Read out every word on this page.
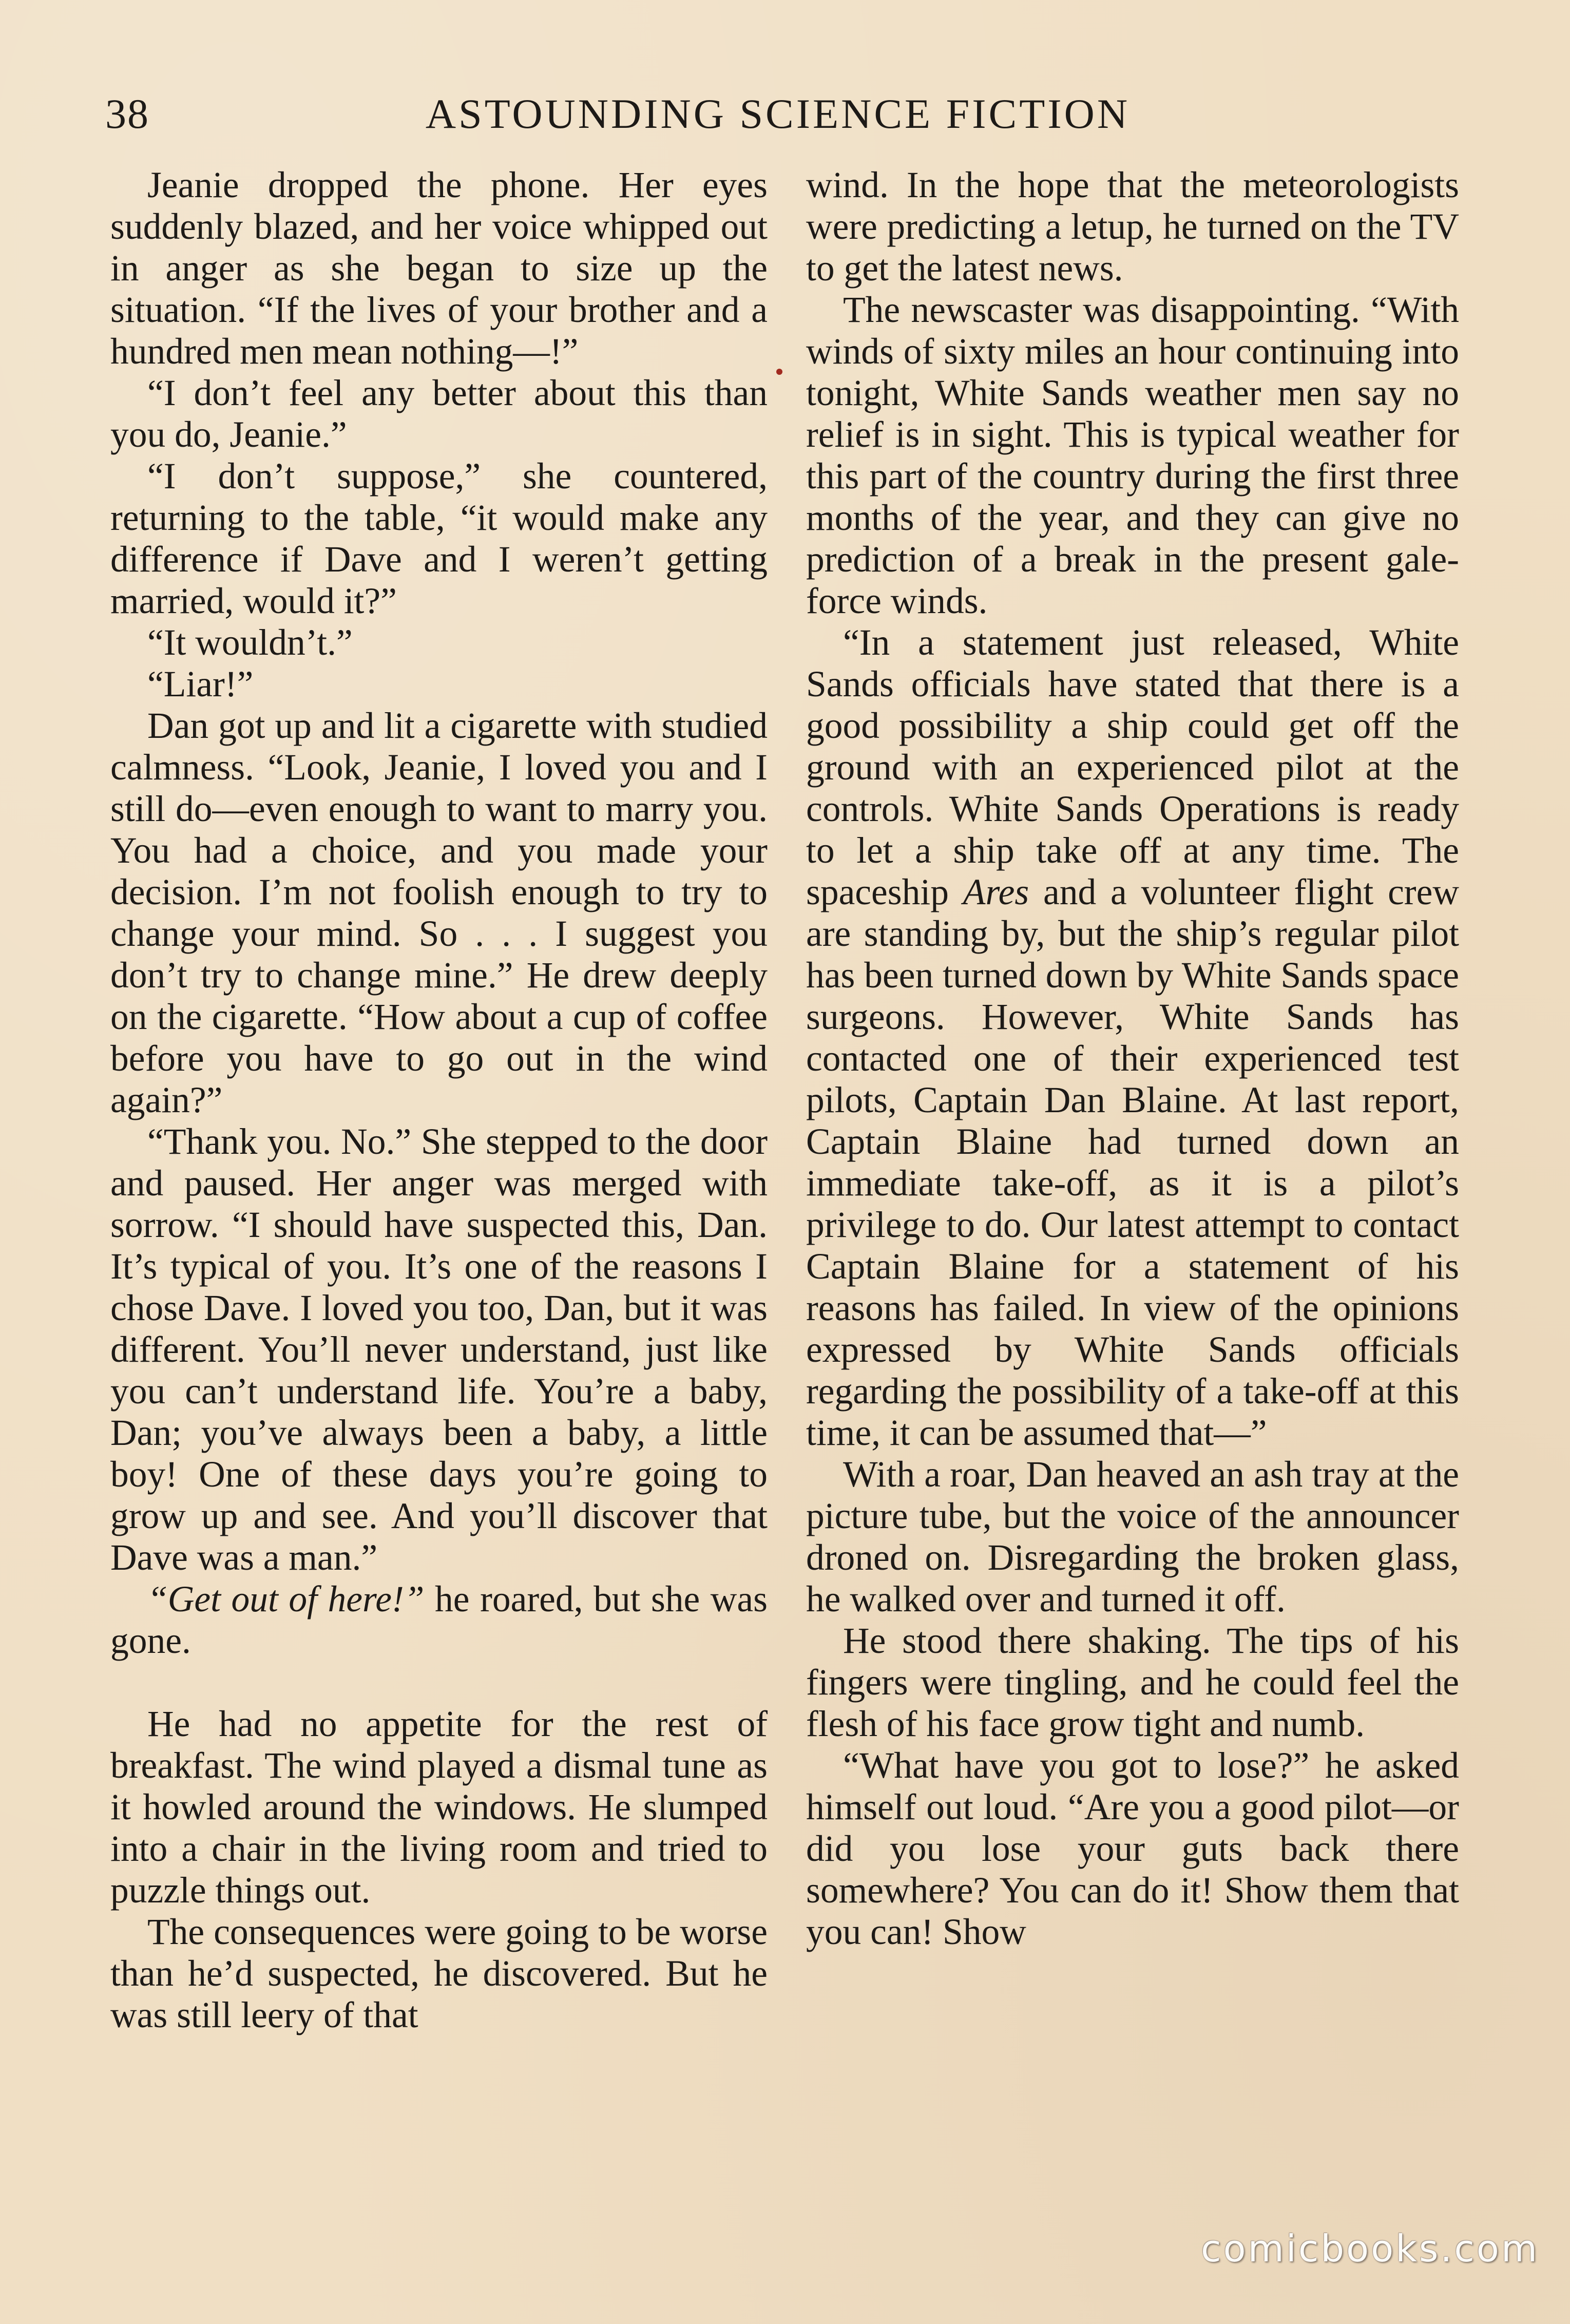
38	ASTOUNDING SCIENCE FICTION

Jeanie dropped the phone. Her eyes suddenly blazed, and her voice whipped out in anger as she began to size up the situation. “If the lives of your brother and a hundred men mean nothing—!”

“I don’t feel any better about this than you do, Jeanie.”

“I don’t suppose,” she countered, returning to the table, “it would make any difference if Dave and I weren’t getting married, would it?”

“It wouldn’t.”

“Liar!”

Dan got up and lit a cigarette with studied calmness. “Look, Jeanie, I loved you and I still do—even enough to want to marry you. You had a choice, and you made your decision. I’m not foolish enough to try to change your mind. So . . . I suggest you don’t try to change mine.” He drew deeply on the cigarette. “How about a cup of coffee before you have to go out in the wind again?”

“Thank you. No.” She stepped to the door and paused. Her anger was merged with sorrow. “I should have suspected this, Dan. It’s typical of you. It’s one of the reasons I chose Dave. I loved you too, Dan, but it was different. You’ll never understand, just like you can’t understand life. You’re a baby, Dan; you’ve always been a baby, a little boy! One of these days you’re going to grow up and see. And you’ll discover that Dave was a man.”

“Get out of here!” he roared, but she was gone.

He had no appetite for the rest of breakfast. The wind played a dismal tune as it howled around the windows. He slumped into a chair in the living room and tried to puzzle things out.

The consequences were going to be worse than he’d suspected, he discovered. But he was still leery of that

wind. In the hope that the meteorologists were predicting a letup, he turned on the TV to get the latest news.

The newscaster was disappointing. “With winds of sixty miles an hour continuing into tonight, White Sands weather men say no relief is in sight. This is typical weather for this part of the country during the first three months of the year, and they can give no prediction of a break in the present gale-force winds.

“In a statement just released, White Sands officials have stated that there is a good possibility a ship could get off the ground with an experienced pilot at the controls. White Sands Operations is ready to let a ship take off at any time. The spaceship Ares and a volunteer flight crew are standing by, but the ship’s regular pilot has been turned down by White Sands space surgeons. However, White Sands has contacted one of their experienced test pilots, Captain Dan Blaine. At last report, Captain Blaine had turned down an immediate take-off, as it is a pilot’s privilege to do. Our latest attempt to contact Captain Blaine for a statement of his reasons has failed. In view of the opinions expressed by White Sands officials regarding the possibility of a take-off at this time, it can be assumed that—”

With a roar, Dan heaved an ash tray at the picture tube, but the voice of the announcer droned on. Disregarding the broken glass, he walked over and turned it off.

He stood there shaking. The tips of his fingers were tingling, and he could feel the flesh of his face grow tight and numb.

“What have you got to lose?” he asked himself out loud. “Are you a good pilot—or did you lose your guts back there somewhere? You can do it! Show them that you can! Show

comicbooks.com
